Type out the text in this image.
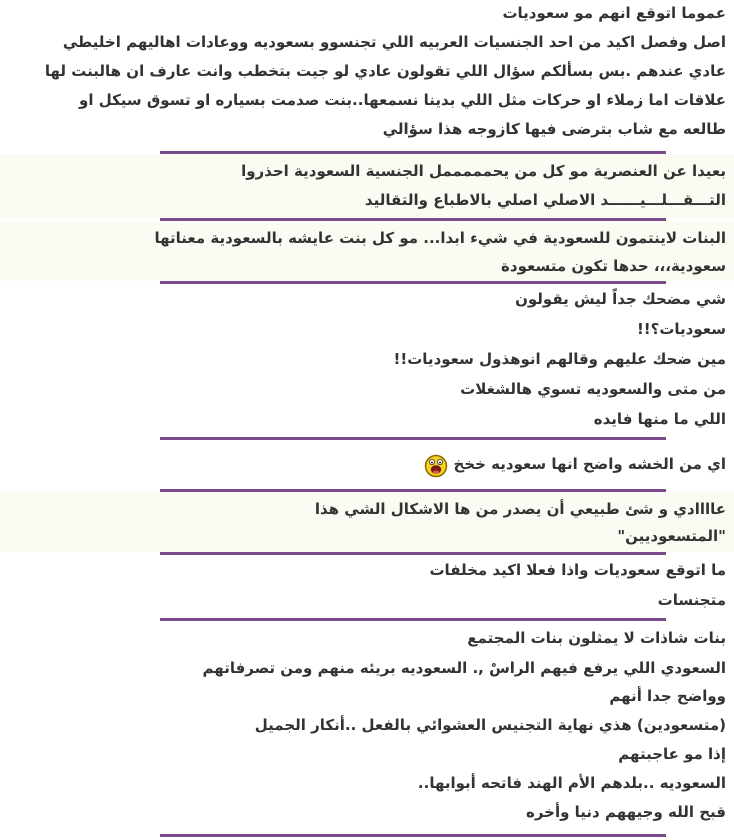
عموما اتوقع انهم مو سعوديات
اصل وفصل اكيد من احد الجنسيات العربيه اللي تجنسوو بسعوديه ووعادات اهاليهم اخليطي
عادي عندهم .بس بسألكم سؤال اللي تقولون عادي لو جيت بتخطب وانت عارف ان هالبنت لها
علاقات اما زملاء او حركات مثل اللي بدينا نسمعها..بنت صدمت بسياره او تسوق سيكل او
طالعه مع شاب بترضى فيها كازوجه هذا سؤالي
بعيدا عن العنصرية مو كل من يحمممممل الجنسية السعودية احذروا
التـــقـــلـــيــــــد الاصلي اصلي بالاطباع والتقاليد
البنات لاينتمون للسعودية في شيء ابدا... مو كل بنت عايشه بالسعودية معناتها
سعودية،،، حدها تكون متسعودة
شي مضحك جداً ليش يقولون
سعوديات؟!!
مين ضحك عليهم وقالهم انوهذول سعوديات!!
من متى والسعوديه تسوي هالشغلات
اللي ما منها فايده
اي من الخشه واضح انها سعوديه خخخ
عاااادي و شئ طبيعي أن يصدر من ها الاشكال الشي هذا
"المتسعوديين"
ما اتوقع سعوديات واذا فعلا اكيد مخلفات
متجنسات
بنات شاذات لا يمثلون بنات المجتمع
السعودي اللي يرفع فيهم الراسْ ,. السعوديه بريئه منهم ومن تصرفاتهم
وواضح جدا أنهم
(متسعودين) هذي نهاية التجنيس العشوائي بالفعل ..أنكار الجميل
إذا مو عاجبتهم
السعوديه ..بلدهم الأم الهند فاتحه أبوابها..
قبح الله وجيههم دنيا وأخره
